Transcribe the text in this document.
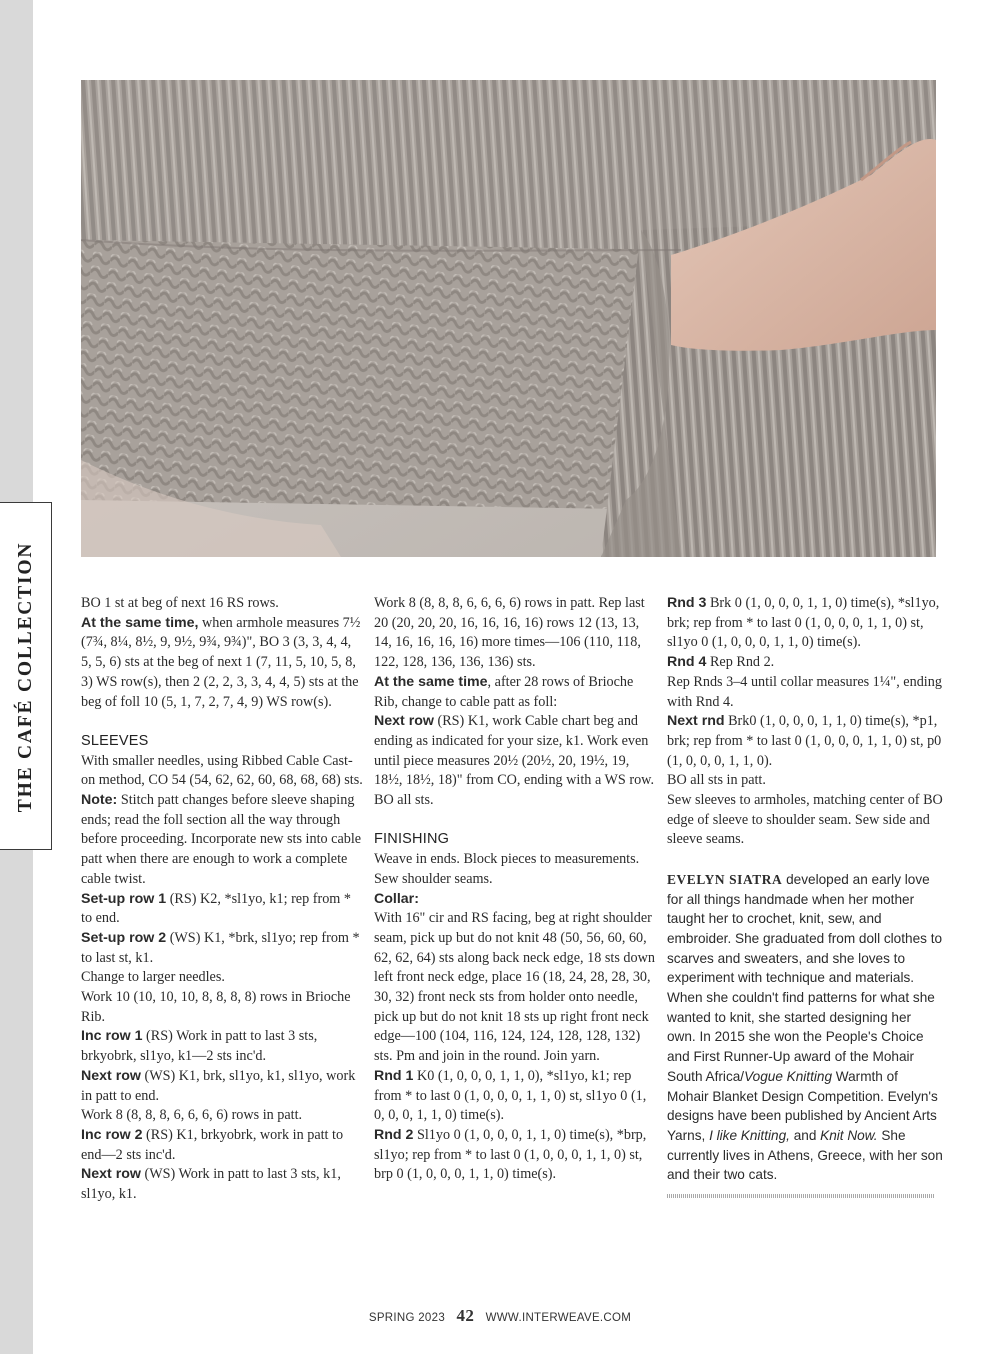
THE CAFÉ COLLECTION	BO 1 st at beg of next 16 RS rows.

At the same time, when armhole measures 7½ (7¾, 8¼, 8½, 9, 9½, 9¾, 9¾)", BO 3 (3, 3, 4, 4, 5, 5, 6) sts at the beg of next 1 (7, 11, 5, 10, 5, 8, 3) WS row(s), then 2 (2, 2, 3, 3, 4, 4, 5) sts at the beg of foll 10 (5, 1, 7, 2, 7, 4, 9) WS row(s).

SLEEVES

With smaller needles, using Ribbed Cable Cast-on method, CO 54 (54, 62, 62, 60, 68, 68, 68) sts.

Note: Stitch patt changes before sleeve shaping ends; read the foll section all the way through before proceeding. Incorporate new sts into cable patt when there are enough to work a complete cable twist.

Set-up row 1 (RS) K2, *sl1yo, k1; rep from * to end.

Set-up row 2 (WS) K1, *brk, sl1yo; rep from * to last st, k1.

Change to larger needles.

Work 10 (10, 10, 10, 8, 8, 8, 8) rows in Brioche Rib.

Inc row 1 (RS) Work in patt to last 3 sts, brkyobrk, sl1yo, k1—2 sts inc'd.

Next row (WS) K1, brk, sl1yo, k1, sl1yo, work in patt to end.

Work 8 (8, 8, 8, 6, 6, 6, 6) rows in patt.

Inc row 2 (RS) K1, brkyobrk, work in patt to end—2 sts inc'd.

Next row (WS) Work in patt to last 3 sts, k1, sl1yo, k1.

Work 8 (8, 8, 8, 6, 6, 6, 6) rows in patt. Rep last 20 (20, 20, 20, 16, 16, 16, 16) rows 12 (13, 13, 14, 16, 16, 16, 16) more times—106 (110, 118, 122, 128, 136, 136, 136) sts.

At the same time, after 28 rows of Brioche Rib, change to cable patt as foll:

Next row (RS) K1, work Cable chart beg and ending as indicated for your size, k1. Work even until piece measures 20½ (20½, 20, 19½, 19, 18½, 18½, 18)" from CO, ending with a WS row.

BO all sts.

FINISHING

Weave in ends. Block pieces to measurements. Sew shoulder seams.

Collar:

With 16" cir and RS facing, beg at right shoulder seam, pick up but do not knit 48 (50, 56, 60, 60, 62, 62, 64) sts along back neck edge, 18 sts down left front neck edge, place 16 (18, 24, 28, 28, 30, 30, 32) front neck sts from holder onto needle, pick up but do not knit 18 sts up right front neck edge—100 (104, 116, 124, 124, 128, 128, 132) sts. Pm and join in the round. Join yarn.

Rnd 1 K0 (1, 0, 0, 0, 1, 1, 0), *sl1yo, k1; rep from * to last 0 (1, 0, 0, 0, 1, 1, 0) st, sl1yo 0 (1, 0, 0, 0, 1, 1, 0) time(s).

Rnd 2 Sl1yo 0 (1, 0, 0, 0, 1, 1, 0) time(s), *brp, sl1yo; rep from * to last 0 (1, 0, 0, 0, 1, 1, 0) st, brp 0 (1, 0, 0, 0, 1, 1, 0) time(s).

Rnd 3 Brk 0 (1, 0, 0, 0, 1, 1, 0) time(s), *sl1yo, brk; rep from * to last 0 (1, 0, 0, 0, 1, 1, 0) st, sl1yo 0 (1, 0, 0, 0, 1, 1, 0) time(s).

Rnd 4 Rep Rnd 2.

Rep Rnds 3–4 until collar measures 1¼", ending with Rnd 4.

Next rnd Brk0 (1, 0, 0, 0, 1, 1, 0) time(s), *p1, brk; rep from * to last 0 (1, 0, 0, 0, 1, 1, 0) st, p0 (1, 0, 0, 0, 1, 1, 0).

BO all sts in patt.

Sew sleeves to armholes, matching center of BO edge of sleeve to shoulder seam. Sew side and sleeve seams.

EVELYN SIATRA developed an early love for all things handmade when her mother taught her to crochet, knit, sew, and embroider. She graduated from doll clothes to scarves and sweaters, and she loves to experiment with technique and materials. When she couldn't find patterns for what she wanted to knit, she started designing her own. In 2015 she won the People's Choice and First Runner-Up award of the Mohair South Africa/Vogue Knitting Warmth of Mohair Blanket Design Competition. Evelyn's designs have been published by Ancient Arts Yarns, I like Knitting, and Knit Now. She currently lives in Athens, Greece, with her son and their two cats.

SPRING 2023 42 WWW.INTERWEAVE.COM
